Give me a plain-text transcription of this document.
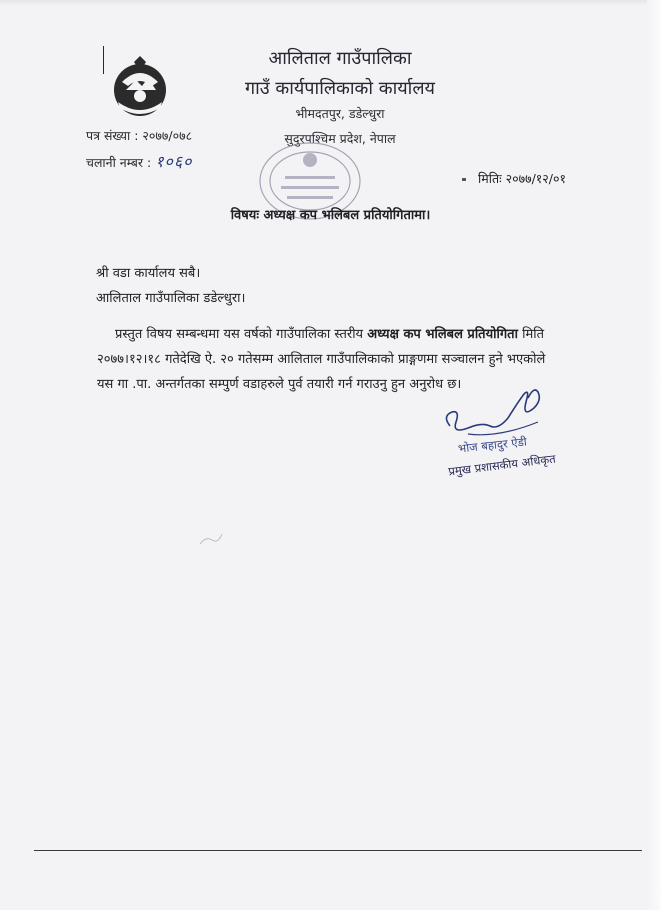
आलिताल गाउँपालिका
गाउँ कार्यपालिकाको कार्यालय
भीमदतपुर, डडेल्धुरा
सुदुरपश्चिम प्रदेश, नेपाल
पत्र संख्या : २०७७/०७८
चलानी नम्बर : १०६०
मितिः २०७७/१२/०१
विषयः अध्यक्ष कप भलिबल प्रतियोगितामा।
श्री वडा कार्यालय सबै।
आलिताल गाउँपालिका डडेल्धुरा।
प्रस्तुत विषय सम्बन्धमा यस वर्षको गाउँपालिका स्तरीय अध्यक्ष कप भलिबल प्रतियोगिता मिति
२०७७।१२।१८ गतेदेखि ऐ. २० गतेसम्म आलिताल गाउँपालिकाको प्राङ्गणमा सञ्चालन हुने भएकोले
यस गा .पा. अन्तर्गतका सम्पुर्ण वडाहरुले पुर्व तयारी गर्न गराउनु हुन अनुरोध छ।
भोज बहादुर ऐडी
प्रमुख प्रशासकीय अधिकृत
